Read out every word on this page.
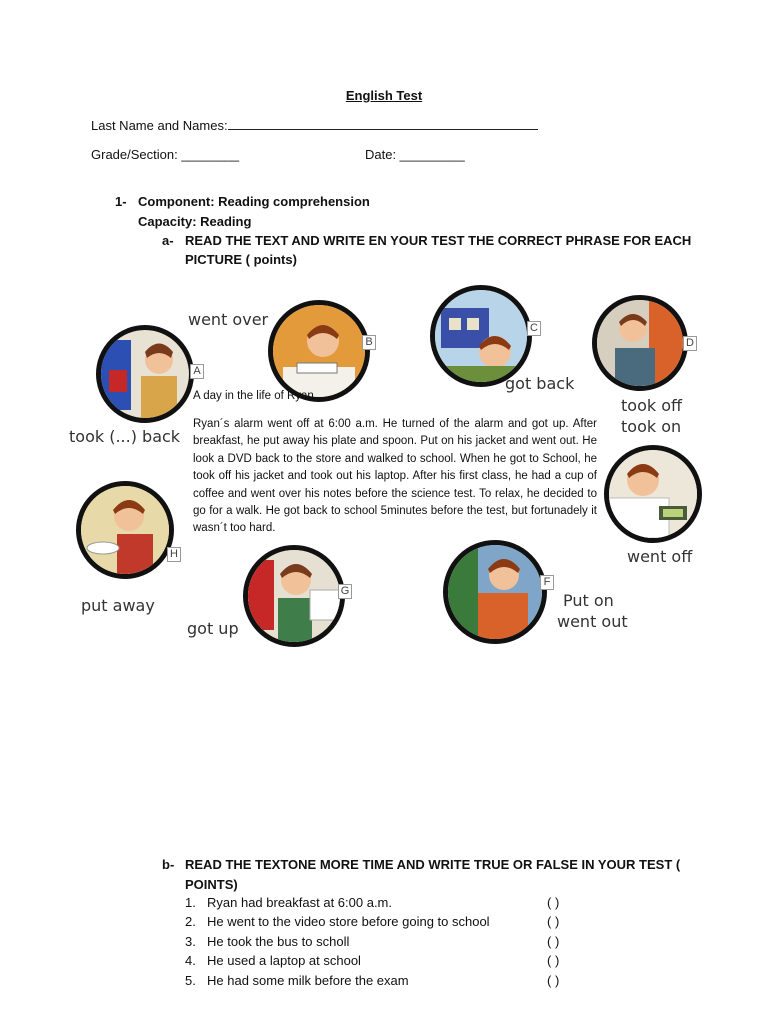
English Test
Last Name and Names:
Grade/Section: ________	Date: _________
1- Component: Reading comprehension
Capacity: Reading
a- READ THE TEXT AND WRITE EN YOUR TEST THE CORRECT PHRASE FOR EACH
PICTURE ( points)
A
took (...) back
B
went over	C
got back
D
took off
took on
went off
F
Put on
went out
G
got up
H
put away
A day in the life of Ryan
Ryan´s alarm went off at 6:00 a.m. He turned of the alarm and got up. After breakfast, he put away his plate and spoon. Put on his jacket and went out. He look a DVD back to the store and walked to school. When he got to School, he took off his jacket and took out his laptop. After his first class, he had a cup of coffee and went over his notes before the science test. To relax, he decided to go for a walk. He got back to school 5minutes before the test, but fortunadely it wasn´t too hard.
b- READ THE TEXTONE MORE TIME AND WRITE TRUE OR FALSE IN YOUR TEST (
POINTS)
1. Ryan had breakfast at 6:00 a.m.	( )
2. He went to the video store before going to school	( )
3. He took the bus to scholl	( )
4. He used a laptop at school	( )
5. He had some milk before the exam	( )
